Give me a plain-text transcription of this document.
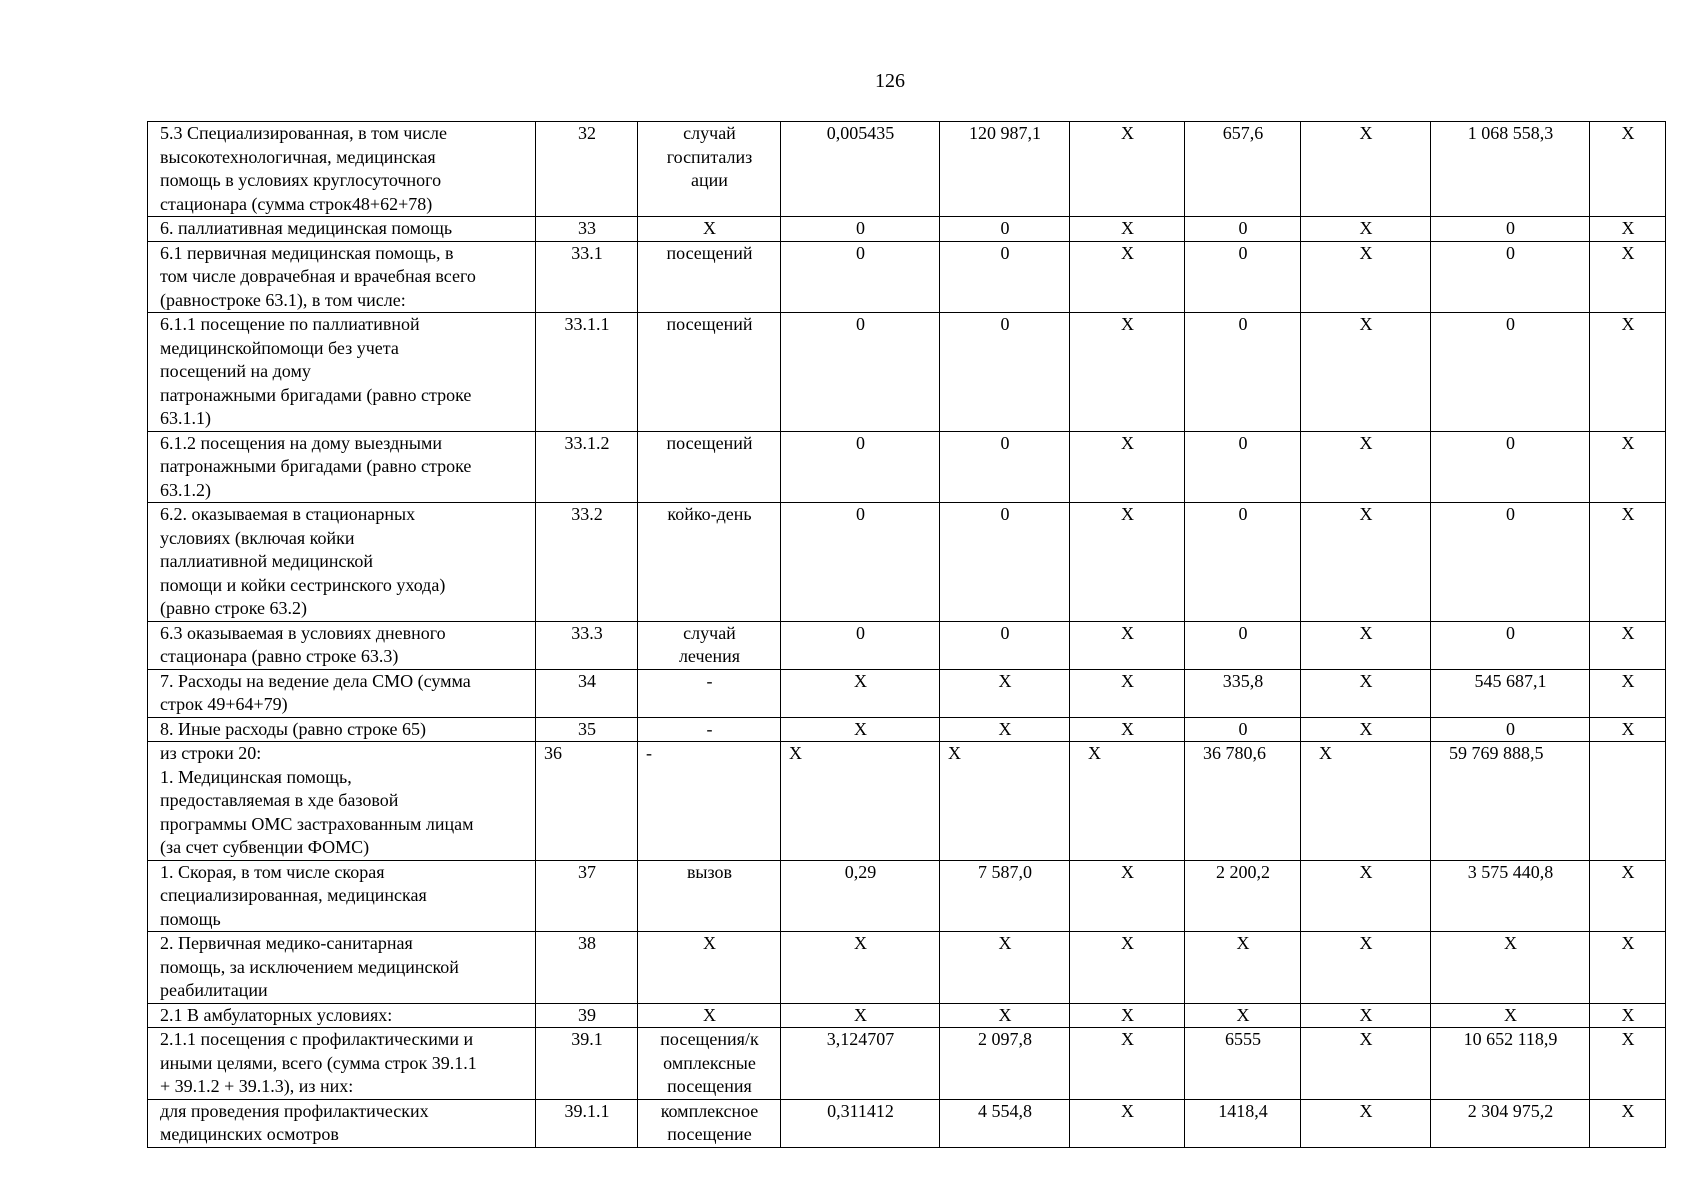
126
5.3 Специализированная, в том числе
высокотехнологичная, медицинская
помощь в условиях круглосуточного
стационара (сумма строк48+62+78)	32	случай
госпитализ
ации	0,005435	120 987,1	X	657,6	X	1 068 558,3	X
6. паллиативная медицинская помощь	33	X	0	0	X	0	X	0	X
6.1 первичная медицинская помощь, в
том числе доврачебная и врачебная всего
(равностроке 63.1), в том числе:	33.1	посещений	0	0	X	0	X	0	X
6.1.1 посещение по паллиативной
медицинскойпомощи без учета
посещений на дому
патронажными бригадами (равно строке
63.1.1)	33.1.1	посещений	0	0	X	0	X	0	X
6.1.2 посещения на дому выездными
патронажными бригадами (равно строке
63.1.2)	33.1.2	посещений	0	0	X	0	X	0	X
6.2. оказываемая в стационарных
условиях (включая койки
паллиативной медицинской
помощи и койки сестринского ухода)
(равно строке 63.2)	33.2	койко-день	0	0	X	0	X	0	X
6.3 оказываемая в условиях дневного
стационара (равно строке 63.3)	33.3	случай
лечения	0	0	X	0	X	0	X
7. Расходы на ведение дела СМО (сумма
строк 49+64+79)	34	-	X	X	X	335,8	X	545 687,1	X
8. Иные расходы (равно строке 65)	35	-	X	X	X	0	X	0	X
из строки 20:
1. Медицинская помощь,
предоставляемая в хде базовой
программы ОМС застрахованным лицам
(за счет субвенции ФОМС)	36	-	X	X	X	36 780,6	X	59 769 888,5	
1. Скорая, в том числе скорая
специализированная, медицинская
помощь	37	вызов	0,29	7 587,0	X	2 200,2	X	3 575 440,8	X
2. Первичная медико-санитарная
помощь, за исключением медицинской
реабилитации	38	X	X	X	X	X	X	X	X
2.1 В амбулаторных условиях:	39	X	X	X	X	X	X	X	X
2.1.1 посещения с профилактическими и
иными целями, всего (сумма строк 39.1.1
+ 39.1.2 + 39.1.3), из них:	39.1	посещения/к
омплексные
посещения	3,124707	2 097,8	X	6555	X	10 652 118,9	X
для проведения профилактических
медицинских осмотров	39.1.1	комплексное
посещение	0,311412	4 554,8	X	1418,4	X	2 304 975,2	X
